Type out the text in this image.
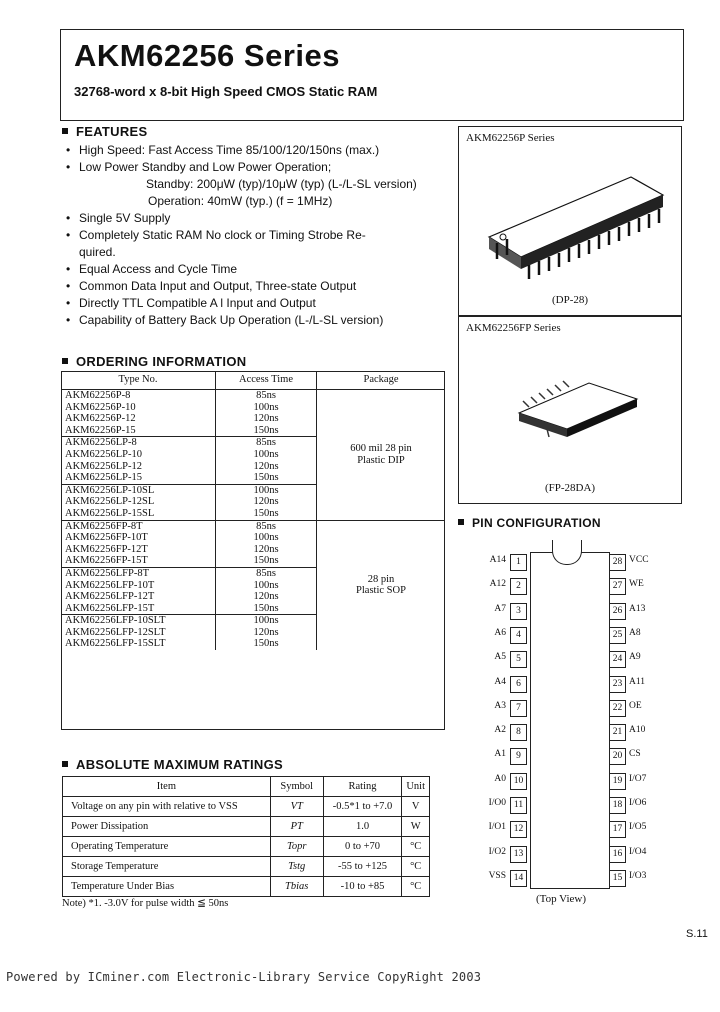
AKM62256 Series
32768-word x 8-bit High Speed CMOS Static RAM
FEATURES
• High Speed: Fast Access Time 85/100/120/150ns (max.)
• Low Power Standby and Low Power Operation;
Standby: 200μW (typ)/10μW (typ) (L-/L-SL version)
Operation: 40mW (typ.) (f = 1MHz)
• Single 5V Supply
• Completely Static RAM No clock or Timing Strobe Re-
quired.
• Equal Access and Cycle Time
• Common Data Input and Output, Three-state Output
• Directly TTL Compatible A l Input and Output
• Capability of Battery Back Up Operation (L-/L-SL version)
ORDERING INFORMATION
Type No.	Access Time	Package
AKM62256P-8	85ns	600 mil 28 pin
Plastic DIP

AKM62256P-10	100ns	
AKM62256P-12	120ns	
AKM62256P-15	150ns	
AKM62256LP-8	85ns	
AKM62256LP-10	100ns	
AKM62256LP-12	120ns	
AKM62256LP-15	150ns	
AKM62256LP-10SL	100ns	
AKM62256LP-12SL	120ns	
AKM62256LP-15SL	150ns	
AKM62256FP-8T	85ns	28 pin
Plastic SOP

AKM62256FP-10T	100ns	
AKM62256FP-12T	120ns	
AKM62256FP-15T	150ns	
AKM62256LFP-8T	85ns	
AKM62256LFP-10T	100ns	
AKM62256LFP-12T	120ns	
AKM62256LFP-15T	150ns	
AKM62256LFP-10SLT	100ns	
AKM62256LFP-12SLT	120ns	
AKM62256LFP-15SLT	150ns	
ABSOLUTE MAXIMUM RATINGS
Item	Symbol	Rating	Unit
Voltage on any pin with relative to VSS	VT	-0.5*1 to +7.0	V
Power Dissipation	PT	1.0	W
Operating Temperature	Topr	0 to +70	°C
Storage Temperature	Tstg	-55 to +125	°C
Temperature Under Bias	Tbias	-10 to +85	°C
Note) *1. -3.0V for pulse width ≦ 50ns
AKM62256P Series
(DP-28)
AKM62256FP Series
(FP-28DA)
PIN CONFIGURATION
A14	1
A12	2
A7	3
A6	4
A5	5
A4	6
A3	7
A2	8
A1	9
A0 10
I/O0 11
I/O1 12
I/O2 13
VSS 14
28 VCC
27 WE
26 A13
25 A8
24 A9
23 A11
22 OE
21 A10
20 CS
19 I/O7
18 I/O6
17 I/O5
16 I/O4
15 I/O3
(Top View)
S.11
Powered by ICminer.com Electronic-Library Service CopyRight 2003
